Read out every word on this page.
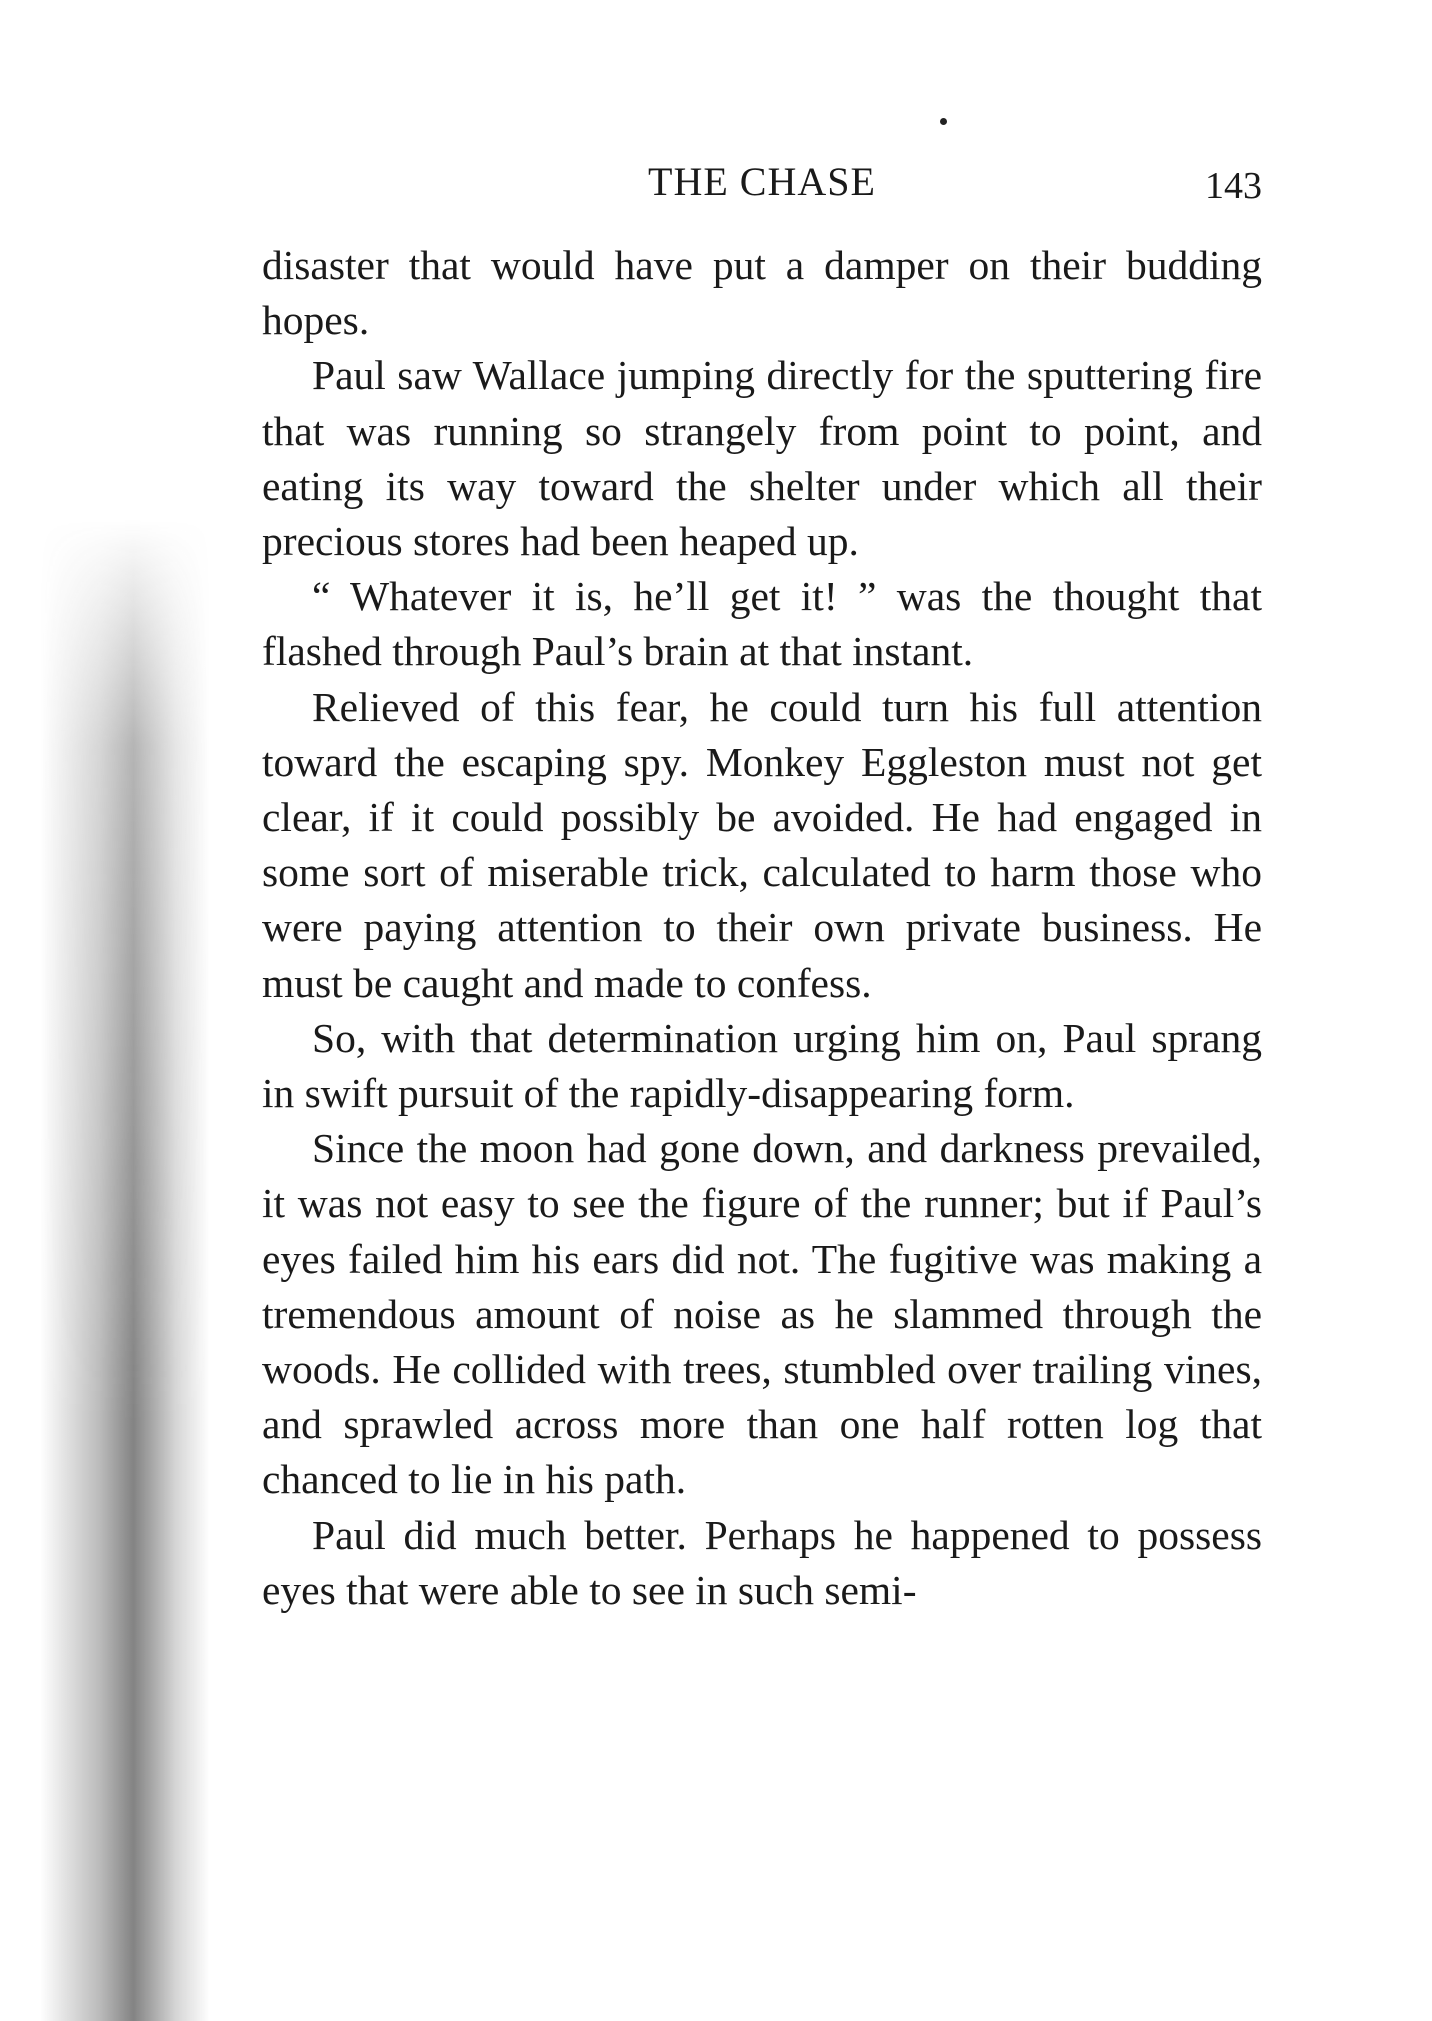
THE CHASE	143

disaster that would have put a damper on their budding hopes.

Paul saw Wallace jumping directly for the sputtering fire that was running so strangely from point to point, and eating its way toward the shelter under which all their precious stores had been heaped up.

“ Whatever it is, he’ll get it! ” was the thought that flashed through Paul’s brain at that instant.

Relieved of this fear, he could turn his full attention toward the escaping spy. Monkey Eggleston must not get clear, if it could possibly be avoided. He had engaged in some sort of miserable trick, calculated to harm those who were paying attention to their own private business. He must be caught and made to confess.

So, with that determination urging him on, Paul sprang in swift pursuit of the rapidly-disappearing form.

Since the moon had gone down, and darkness prevailed, it was not easy to see the figure of the runner; but if Paul’s eyes failed him his ears did not. The fugitive was making a tremendous amount of noise as he slammed through the woods. He collided with trees, stumbled over trailing vines, and sprawled across more than one half rotten log that chanced to lie in his path.

Paul did much better. Perhaps he happened to possess eyes that were able to see in such semi-
